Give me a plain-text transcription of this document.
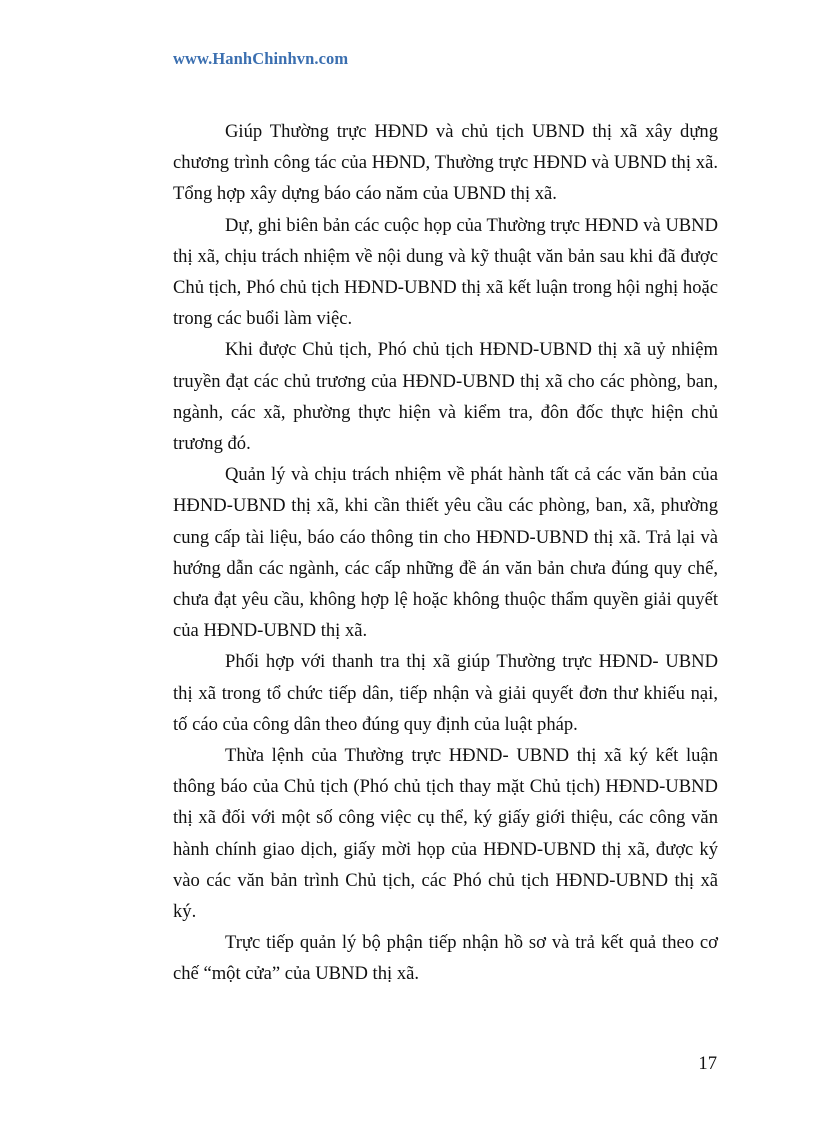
www.HanhChinhvn.com

Giúp Thường trực HĐND và chủ tịch UBND thị xã xây dựng chương trình công tác của HĐND, Thường trực HĐND và UBND thị xã. Tổng hợp xây dựng báo cáo năm của UBND thị xã.

Dự, ghi biên bản các cuộc họp của Thường trực HĐND và UBND thị xã, chịu trách nhiệm về nội dung và kỹ thuật văn bản sau khi đã được Chủ tịch, Phó chủ tịch HĐND-UBND thị xã kết luận trong hội nghị hoặc trong các buổi làm việc.

Khi được Chủ tịch, Phó chủ tịch HĐND-UBND thị xã uỷ nhiệm truyền đạt các chủ trương của HĐND-UBND thị xã cho các phòng, ban, ngành, các xã, phường thực hiện và kiểm tra, đôn đốc thực hiện chủ trương đó.

Quản lý và chịu trách nhiệm về phát hành tất cả các văn bản của HĐND-UBND thị xã, khi cần thiết yêu cầu các phòng, ban, xã, phường cung cấp tài liệu, báo cáo thông tin cho HĐND-UBND thị xã. Trả lại và hướng dẫn các ngành, các cấp những đề án văn bản chưa đúng quy chế, chưa đạt yêu cầu, không hợp lệ hoặc không thuộc thẩm quyền giải quyết của HĐND-UBND thị xã.

Phối hợp với thanh tra thị xã giúp Thường trực HĐND- UBND thị xã trong tổ chức tiếp dân, tiếp nhận và giải quyết đơn thư khiếu nại, tố cáo của công dân theo đúng quy định của luật pháp.

Thừa lệnh của Thường trực HĐND- UBND thị xã ký kết luận thông báo của Chủ tịch (Phó chủ tịch thay mặt Chủ tịch) HĐND-UBND thị xã đối với một số công việc cụ thể, ký giấy giới thiệu, các công văn hành chính giao dịch, giấy mời họp của HĐND-UBND thị xã, được ký vào các văn bản trình Chủ tịch, các Phó chủ tịch HĐND-UBND thị xã ký.

Trực tiếp quản lý bộ phận tiếp nhận hồ sơ và trả kết quả theo cơ chế “một cửa” của UBND thị xã.

17
